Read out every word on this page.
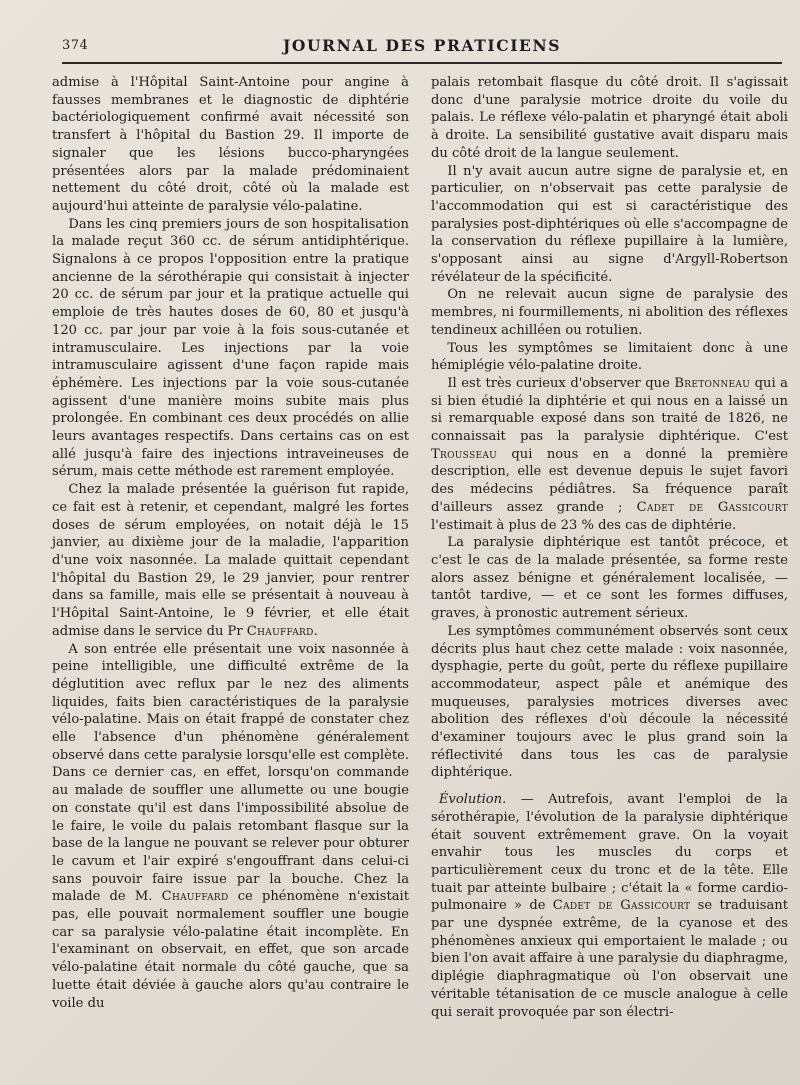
374	JOURNAL DES PRATICIENS

admise à l'Hôpital Saint-Antoine pour angine à fausses membranes et le diagnostic de diphtérie bactériologiquement confirmé avait nécessité son transfert à l'hôpital du Bastion 29. Il importe de signaler que les lésions bucco-pharyngées présentées alors par la malade prédominaient nettement du côté droit, côté où la malade est aujourd'hui atteinte de paralysie vélo-palatine.

Dans les cinq premiers jours de son hospitalisation la malade reçut 360 cc. de sérum antidiphtérique. Signalons à ce propos l'opposition entre la pratique ancienne de la sérothérapie qui consistait à injecter 20 cc. de sérum par jour et la pratique actuelle qui emploie de très hautes doses de 60, 80 et jusqu'à 120 cc. par jour par voie à la fois sous-cutanée et intramusculaire. Les injections par la voie intramusculaire agissent d'une façon rapide mais éphémère. Les injections par la voie sous-cutanée agissent d'une manière moins subite mais plus prolongée. En combinant ces deux procédés on allie leurs avantages respectifs. Dans certains cas on est allé jusqu'à faire des injections intraveineuses de sérum, mais cette méthode est rarement employée.

Chez la malade présentée la guérison fut rapide, ce fait est à retenir, et cependant, malgré les fortes doses de sérum employées, on notait déjà le 15 janvier, au dixième jour de la maladie, l'apparition d'une voix nasonnée. La malade quittait cependant l'hôpital du Bastion 29, le 29 janvier, pour rentrer dans sa famille, mais elle se présentait à nouveau à l'Hôpital Saint-Antoine, le 9 février, et elle était admise dans le service du Pr Chauffard.

A son entrée elle présentait une voix nasonnée à peine intelligible, une difficulté extrême de la déglutition avec reflux par le nez des aliments liquides, faits bien caractéristiques de la paralysie vélo-palatine. Mais on était frappé de constater chez elle l'absence d'un phénomène généralement observé dans cette paralysie lorsqu'elle est complète. Dans ce dernier cas, en effet, lorsqu'on commande au malade de souffler une allumette ou une bougie on constate qu'il est dans l'impossibilité absolue de le faire, le voile du palais retombant flasque sur la base de la langue ne pouvant se relever pour obturer le cavum et l'air expiré s'engouffrant dans celui-ci sans pouvoir faire issue par la bouche. Chez la malade de M. Chauffard ce phénomène n'existait pas, elle pouvait normalement souffler une bougie car sa paralysie vélo-palatine était incomplète. En l'examinant on observait, en effet, que son arcade vélo-palatine était normale du côté gauche, que sa luette était déviée à gauche alors qu'au contraire le voile du

palais retombait flasque du côté droit. Il s'agissait donc d'une paralysie motrice droite du voile du palais. Le réflexe vélo-palatin et pharyngé était aboli à droite. La sensibilité gustative avait disparu mais du côté droit de la langue seulement.

Il n'y avait aucun autre signe de paralysie et, en particulier, on n'observait pas cette paralysie de l'accommodation qui est si caractéristique des paralysies post-diphtériques où elle s'accompagne de la conservation du réflexe pupillaire à la lumière, s'opposant ainsi au signe d'Argyll-Robertson révélateur de la spécificité.

On ne relevait aucun signe de paralysie des membres, ni fourmillements, ni abolition des réflexes tendineux achilléen ou rotulien.

Tous les symptômes se limitaient donc à une hémiplégie vélo-palatine droite.

Il est très curieux d'observer que Bretonneau qui a si bien étudié la diphtérie et qui nous en a laissé un si remarquable exposé dans son traité de 1826, ne connaissait pas la paralysie diphtérique. C'est Trousseau qui nous en a donné la première description, elle est devenue depuis le sujet favori des médecins pédiâtres. Sa fréquence paraît d'ailleurs assez grande ; Cadet de Gassicourt l'estimait à plus de 23 % des cas de diphtérie.

La paralysie diphtérique est tantôt précoce, et c'est le cas de la malade présentée, sa forme reste alors assez bénigne et généralement localisée, — tantôt tardive, — et ce sont les formes diffuses, graves, à pronostic autrement sérieux.

Les symptômes communément observés sont ceux décrits plus haut chez cette malade : voix nasonnée, dysphagie, perte du goût, perte du réflexe pupillaire accommodateur, aspect pâle et anémique des muqueuses, paralysies motrices diverses avec abolition des réflexes d'où découle la nécessité d'examiner toujours avec le plus grand soin la réflectivité dans tous les cas de paralysie diphtérique.

Évolution. — Autrefois, avant l'emploi de la sérothérapie, l'évolution de la paralysie diphtérique était souvent extrêmement grave. On la voyait envahir tous les muscles du corps et particulièrement ceux du tronc et de la tête. Elle tuait par atteinte bulbaire ; c'était la « forme cardio-pulmonaire » de Cadet de Gassicourt se traduisant par une dyspnée extrême, de la cyanose et des phénomènes anxieux qui emportaient le malade ; ou bien l'on avait affaire à une paralysie du diaphragme, diplégie diaphragmatique où l'on observait une véritable tétanisation de ce muscle analogue à celle qui serait provoquée par son électri-
